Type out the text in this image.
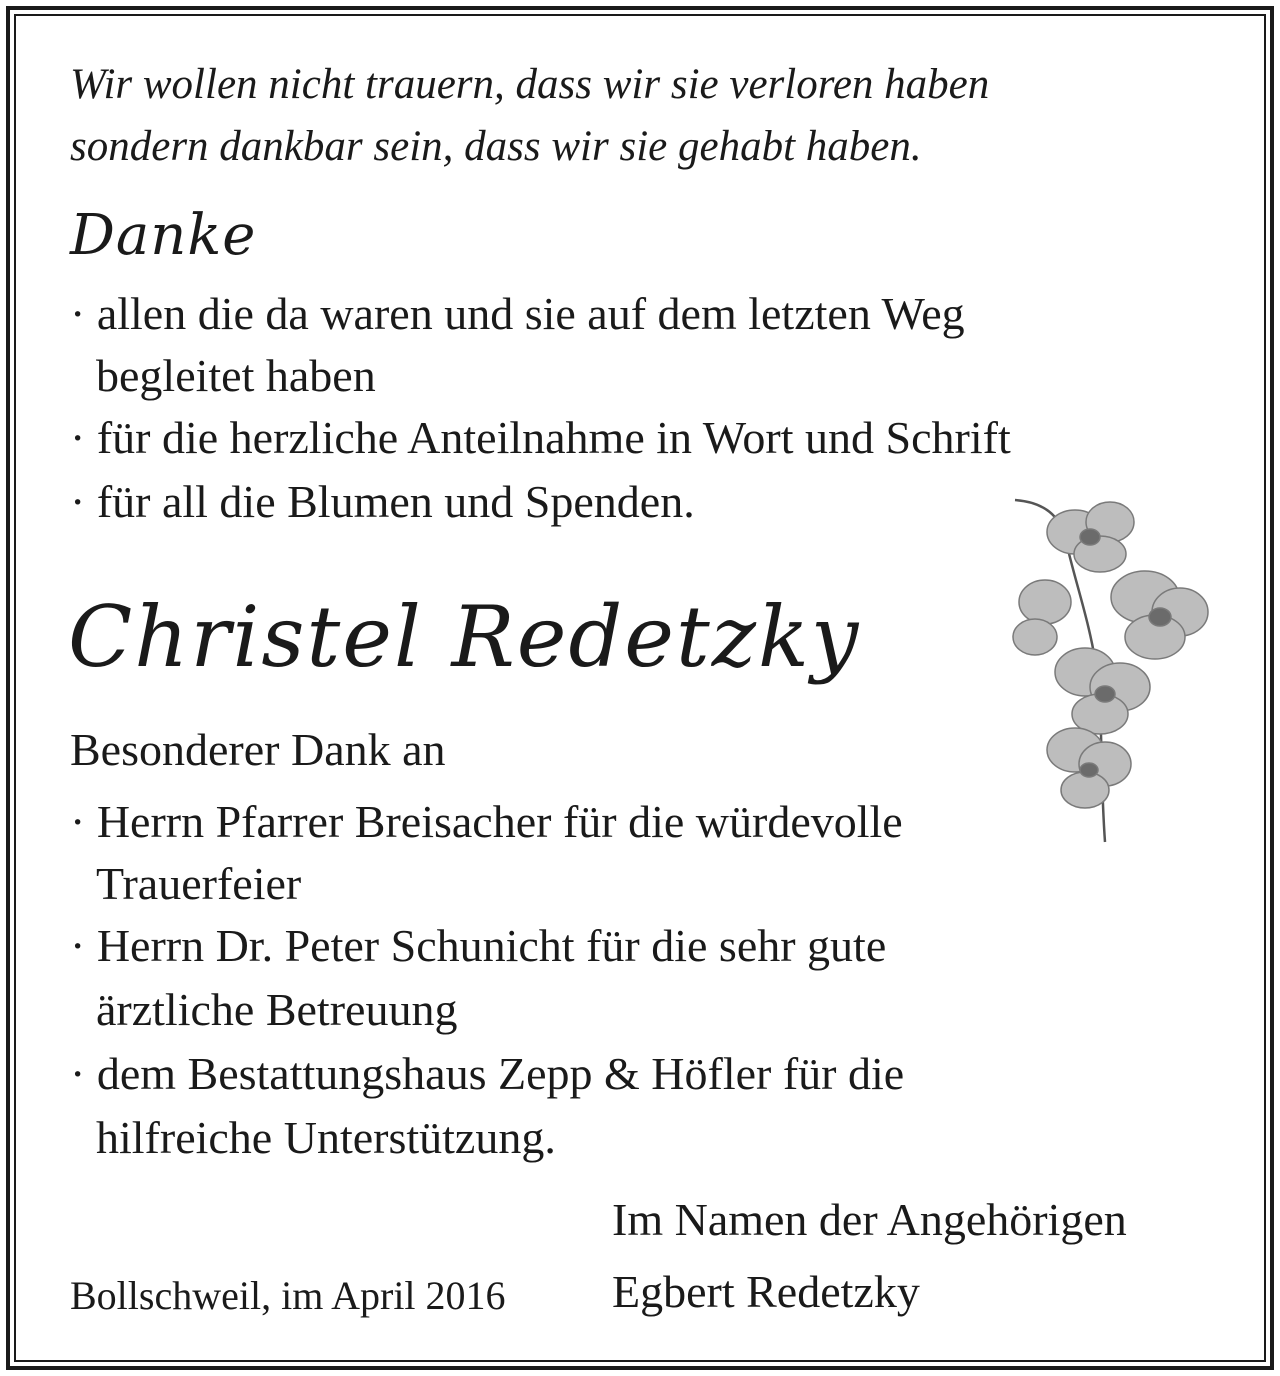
Wir wollen nicht trauern, dass wir sie verloren haben

sondern dankbar sein, dass wir sie gehabt haben.

Danke

· allen die da waren und sie auf dem letzten Weg

begleitet haben

· für die herzliche Anteilnahme in Wort und Schrift

· für all die Blumen und Spenden.

Christel Redetzky

Besonderer Dank an

· Herrn Pfarrer Breisacher für die würdevolle

Trauerfeier

· Herrn Dr. Peter Schunicht für die sehr gute

ärztliche Betreuung

· dem Bestattungshaus Zepp & Höfler für die

hilfreiche Unterstützung.

Im Namen der Angehörigen

Egbert Redetzky

Bollschweil, im April 2016
